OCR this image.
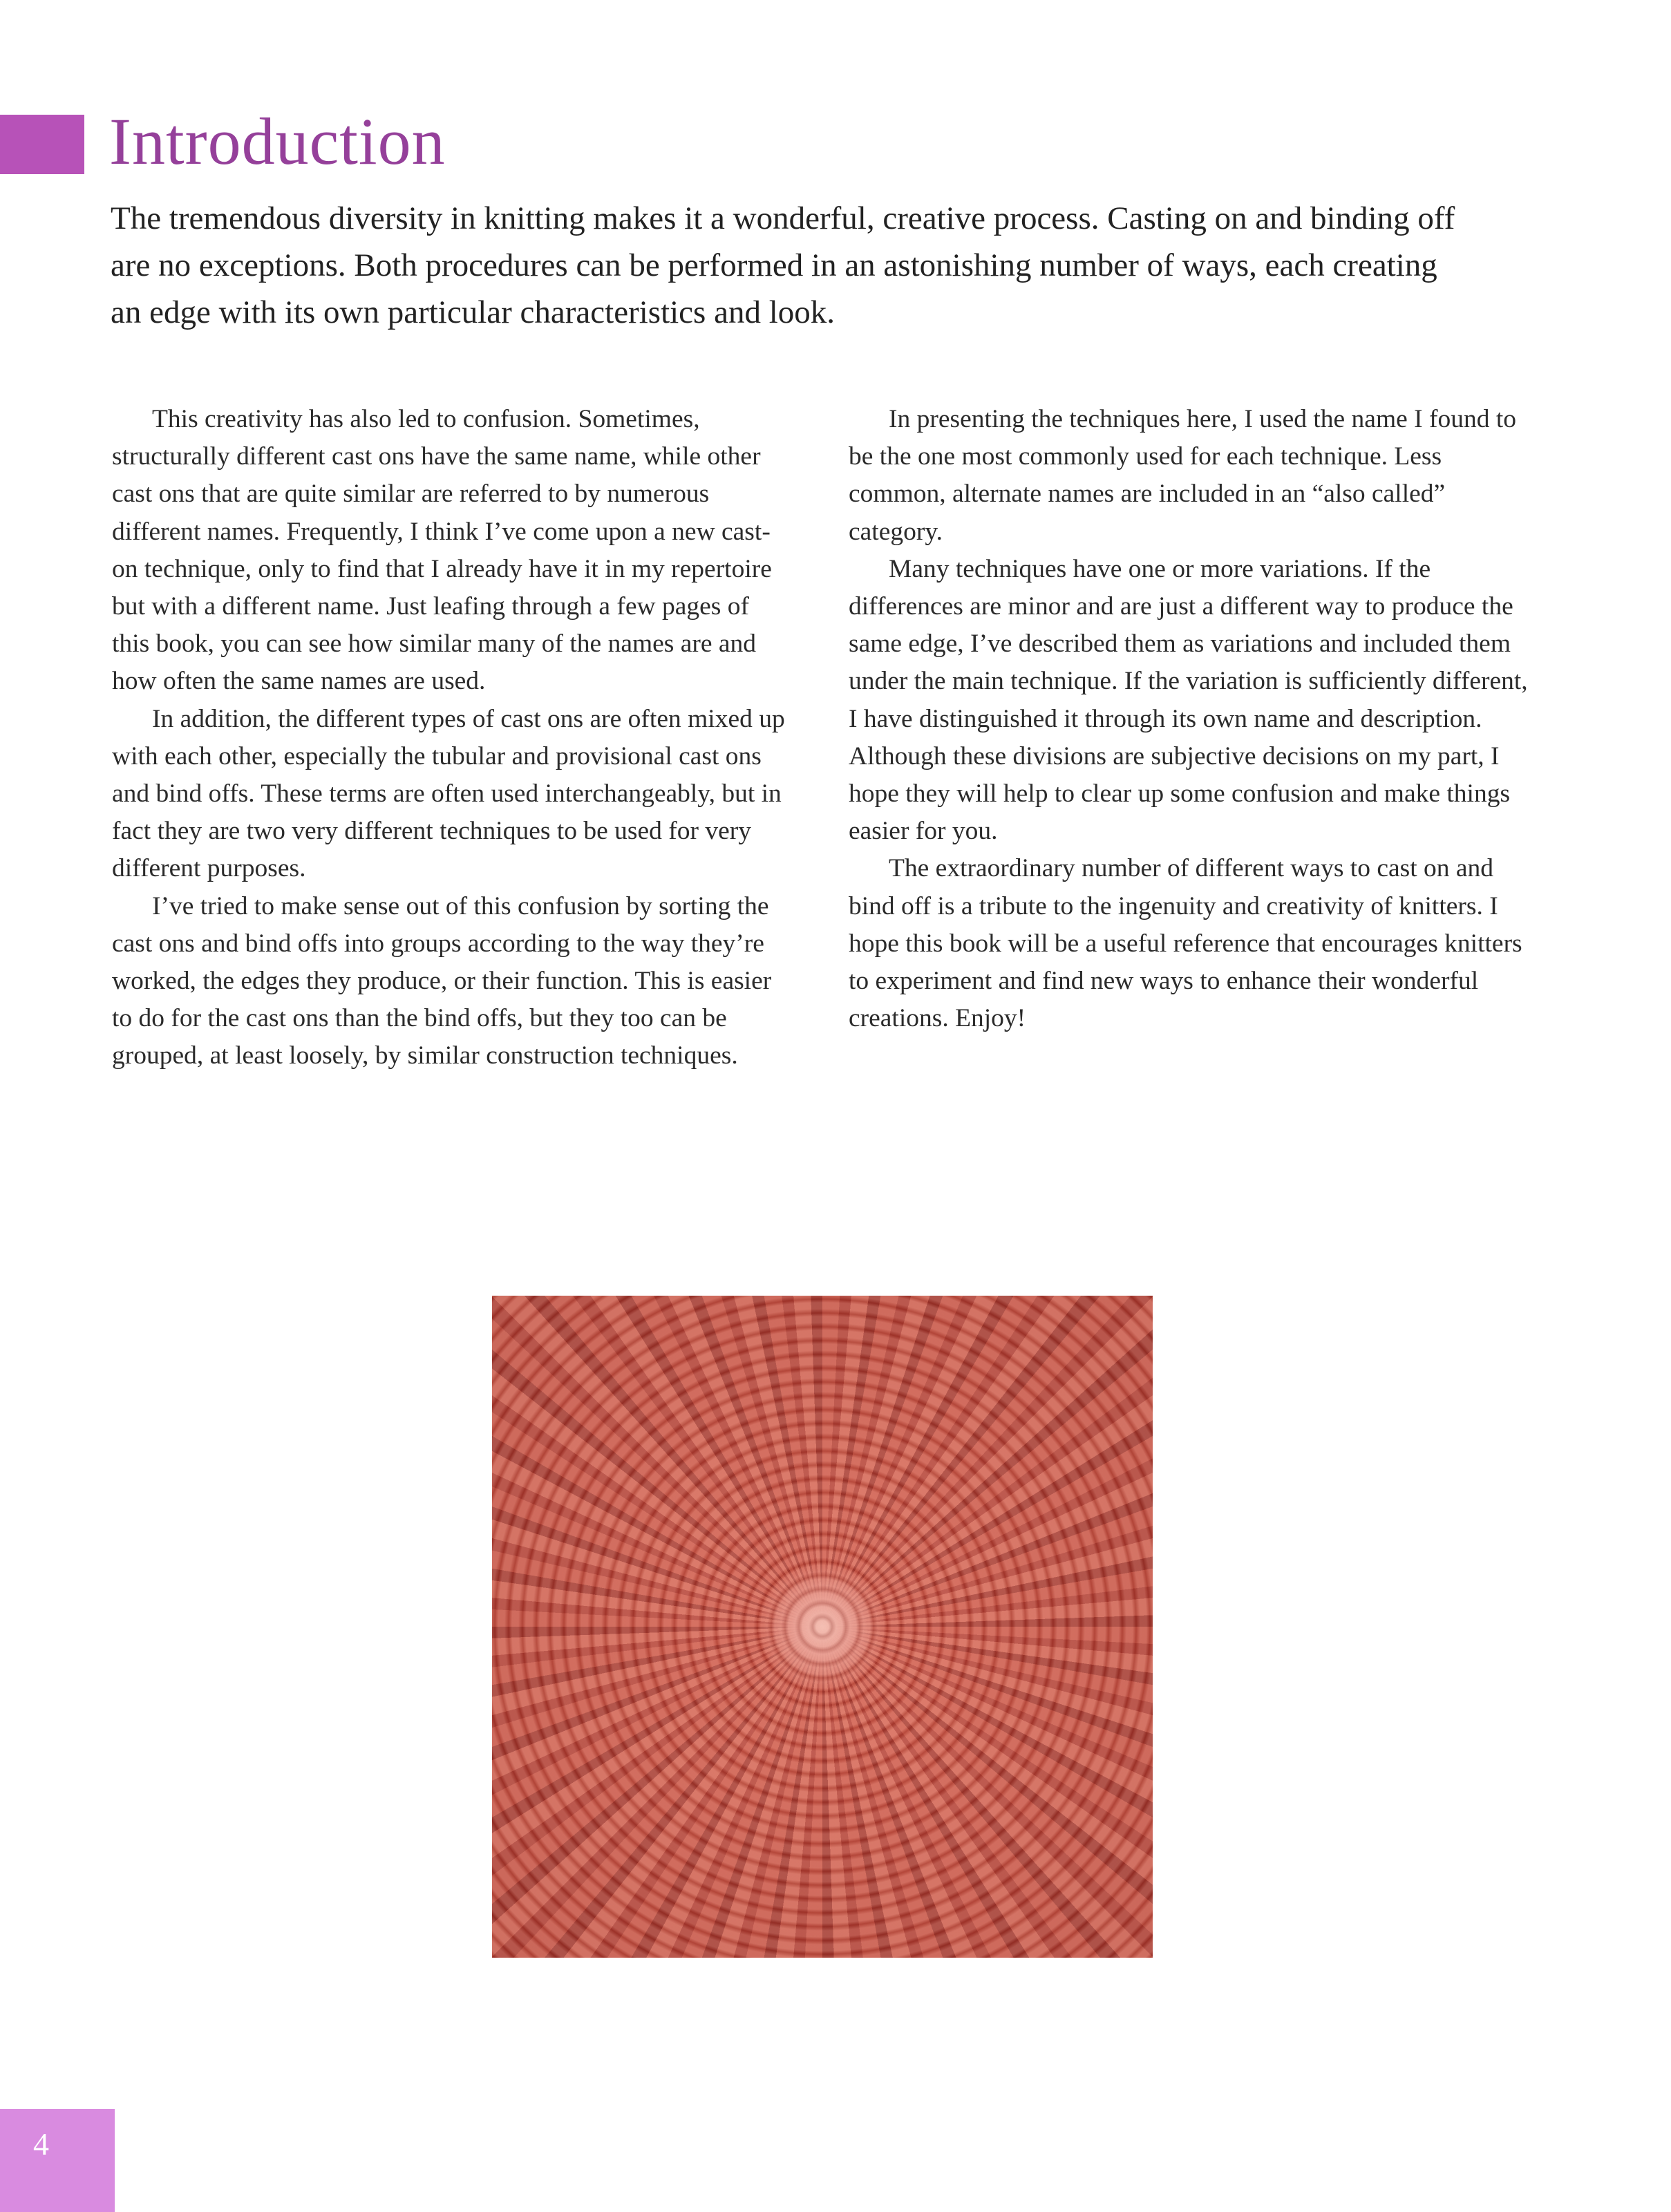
Introduction

The tremendous diversity in knitting makes it a wonderful, creative process. Casting on and binding off are no exceptions. Both procedures can be performed in an astonishing number of ways, each creating an edge with its own particular characteristics and look.

This creativity has also led to confusion. Sometimes, structurally different cast ons have the same name, while other cast ons that are quite similar are referred to by numerous different names. Frequently, I think I’ve come upon a new cast-on technique, only to find that I already have it in my repertoire but with a different name. Just leafing through a few pages of this book, you can see how similar many of the names are and how often the same names are used.

In addition, the different types of cast ons are often mixed up with each other, especially the tubular and provisional cast ons and bind offs. These terms are often used interchangeably, but in fact they are two very different techniques to be used for very different purposes.

I’ve tried to make sense out of this confusion by sorting the cast ons and bind offs into groups according to the way they’re worked, the edges they produce, or their function. This is easier to do for the cast ons than the bind offs, but they too can be grouped, at least loosely, by similar construction techniques.

In presenting the techniques here, I used the name I found to be the one most commonly used for each technique. Less common, alternate names are included in an “also called” category.

Many techniques have one or more variations. If the differences are minor and are just a different way to produce the same edge, I’ve described them as variations and included them under the main technique. If the variation is sufficiently different, I have distinguished it through its own name and description. Although these divisions are subjective decisions on my part, I hope they will help to clear up some confusion and make things easier for you.

The extraordinary number of different ways to cast on and bind off is a tribute to the ingenuity and creativity of knitters. I hope this book will be a useful reference that encourages knitters to experiment and find new ways to enhance their wonderful creations. Enjoy!

4
